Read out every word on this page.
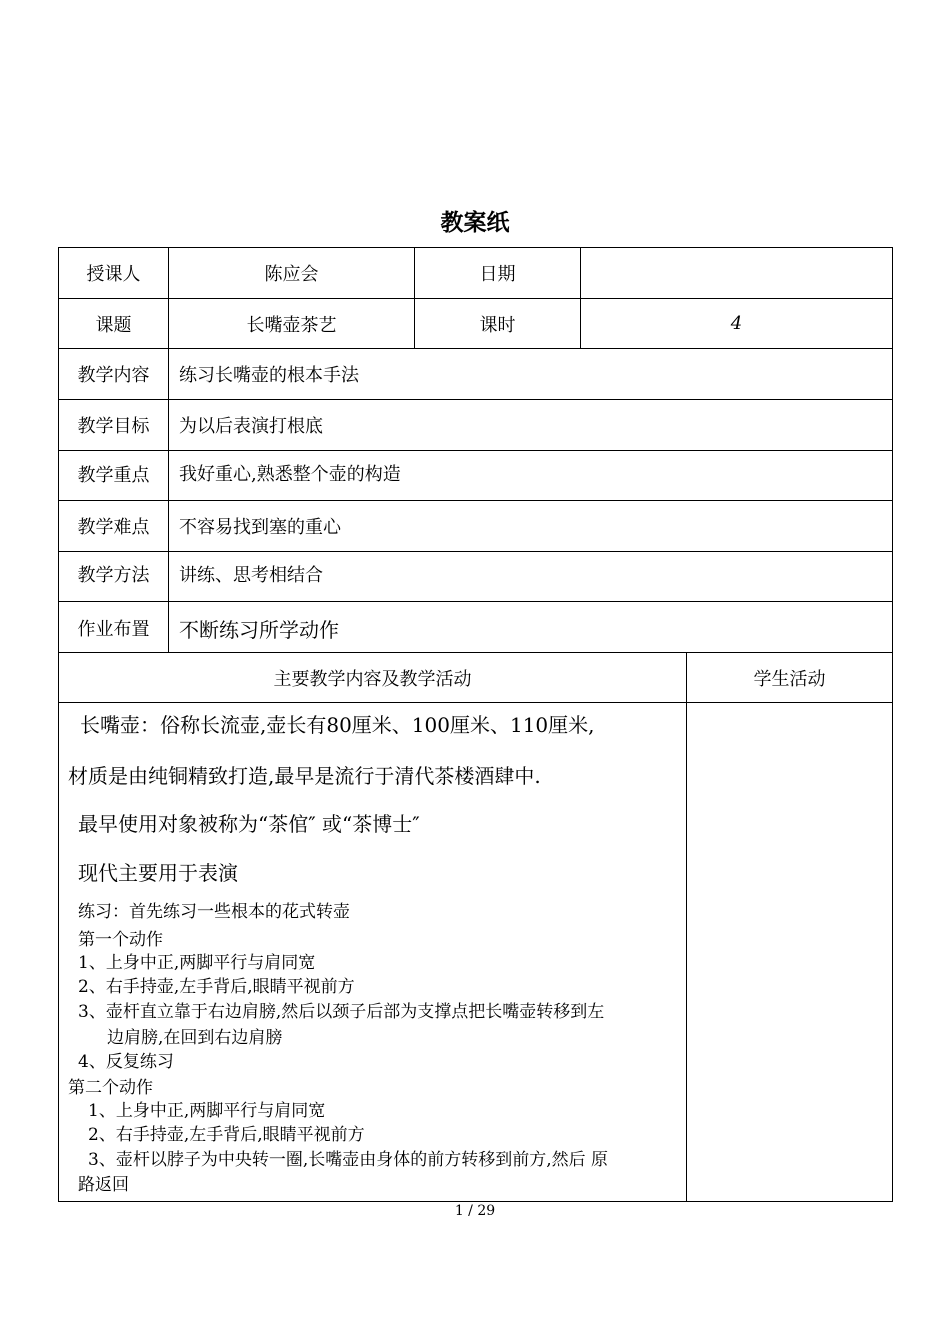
教案纸
授课人	陈应会	日期
课题	长嘴壶茶艺	课时	4
教学内容	练习长嘴壶的根本手法
教学目标	为以后表演打根底
教学重点	我好重心,熟悉整个壶的构造
教学难点	不容易找到塞的重心
教学方法	讲练、思考相结合
作业布置	不断练习所学动作
主要教学内容及教学活动	学生活动
长嘴壶：俗称长流壶,壶长有80厘米、100厘米、110厘米,
材质是由纯铜精致打造,最早是流行于清代茶楼酒肆中.
最早使用对象被称为“茶倌″ 或“茶博士″
现代主要用于表演
练习：首先练习一些根本的花式转壶
第一个动作
1、上身中正,两脚平行与肩同宽
2、右手持壶,左手背后,眼睛平视前方
3、壶杆直立靠于右边肩膀,然后以颈子后部为支撑点把长嘴壶转移到左
边肩膀,在回到右边肩膀
4、反复练习
第二个动作
1、上身中正,两脚平行与肩同宽
2、右手持壶,左手背后,眼睛平视前方
3、壶杆以脖子为中央转一圈,长嘴壶由身体的前方转移到前方,然后 原
路返回
1 / 29
